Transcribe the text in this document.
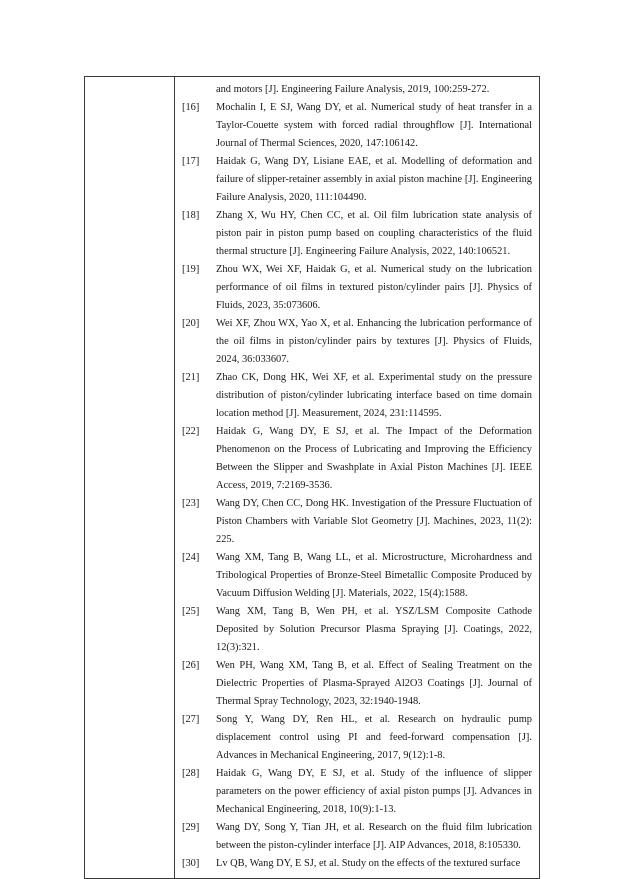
and motors [J]. Engineering Failure Analysis, 2019, 100:259-272.

[16]	Mochalin I, E SJ, Wang DY, et al. Numerical study of heat transfer in a Taylor-Couette system with forced radial throughflow [J]. International Journal of Thermal Sciences, 2020, 147:106142.

[17]	Haidak G, Wang DY, Lisiane EAE, et al. Modelling of deformation and failure of slipper-retainer assembly in axial piston machine [J]. Engineering Failure Analysis, 2020, 111:104490.

[18]	Zhang X, Wu HY, Chen CC, et al. Oil film lubrication state analysis of piston pair in piston pump based on coupling characteristics of the fluid thermal structure [J]. Engineering Failure Analysis, 2022, 140:106521.

[19]	Zhou WX, Wei XF, Haidak G, et al. Numerical study on the lubrication performance of oil films in textured piston/cylinder pairs [J]. Physics of Fluids, 2023, 35:073606.

[20]	Wei XF, Zhou WX, Yao X, et al. Enhancing the lubrication performance of the oil films in piston/cylinder pairs by textures [J]. Physics of Fluids, 2024, 36:033607.

[21]	Zhao CK, Dong HK, Wei XF, et al. Experimental study on the pressure distribution of piston/cylinder lubricating interface based on time domain location method [J]. Measurement, 2024, 231:114595.

[22]	Haidak G, Wang DY, E SJ, et al. The Impact of the Deformation Phenomenon on the Process of Lubricating and Improving the Efficiency Between the Slipper and Swashplate in Axial Piston Machines [J]. IEEE Access, 2019, 7:2169-3536.

[23]	Wang DY, Chen CC, Dong HK. Investigation of the Pressure Fluctuation of Piston Chambers with Variable Slot Geometry [J]. Machines, 2023, 11(2): 225.

[24]	Wang XM, Tang B, Wang LL, et al. Microstructure, Microhardness and Tribological Properties of Bronze-Steel Bimetallic Composite Produced by Vacuum Diffusion Welding [J]. Materials, 2022, 15(4):1588.

[25]	Wang XM, Tang B, Wen PH, et al. YSZ/LSM Composite Cathode Deposited by Solution Precursor Plasma Spraying [J]. Coatings, 2022, 12(3):321.

[26]	Wen PH, Wang XM, Tang B, et al. Effect of Sealing Treatment on the Dielectric Properties of Plasma-Sprayed Al2O3 Coatings [J]. Journal of Thermal Spray Technology, 2023, 32:1940-1948.

[27]	Song Y, Wang DY, Ren HL, et al. Research on hydraulic pump displacement control using PI and feed-forward compensation [J]. Advances in Mechanical Engineering, 2017, 9(12):1-8.

[28]	Haidak G, Wang DY, E SJ, et al. Study of the influence of slipper parameters on the power efficiency of axial piston pumps [J]. Advances in Mechanical Engineering, 2018, 10(9):1-13.

[29]	Wang DY, Song Y, Tian JH, et al. Research on the fluid film lubrication between the piston-cylinder interface [J]. AIP Advances, 2018, 8:105330.

[30]	Lv QB, Wang DY, E SJ, et al. Study on the effects of the textured surface
